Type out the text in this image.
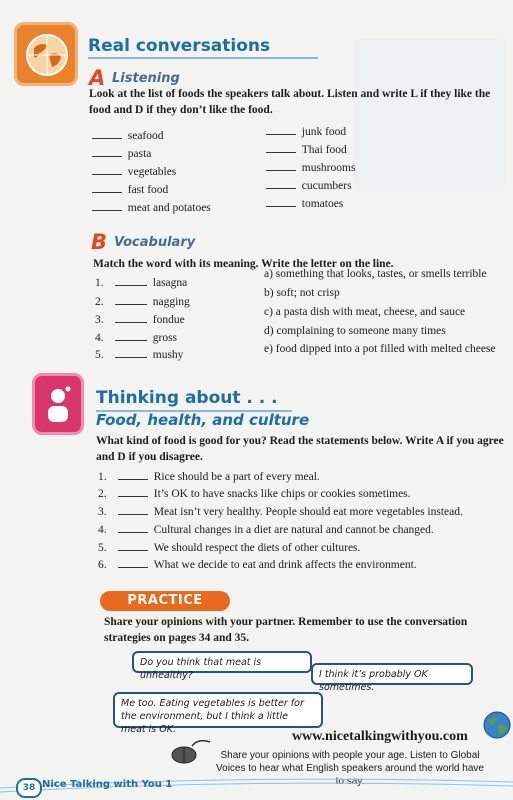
Real conversations
A Listening
Look at the list of foods the speakers talk about. Listen and write L if they like the food and D if they don’t like the food.
seafood
pasta
vegetables
fast food
meat and potatoes
junk food
Thai food
mushrooms
cucumbers
tomatoes
B Vocabulary
Match the word with its meaning. Write the letter on the line.
1.	lasagna
2.	nagging
3.	fondue
4.	gross
5.	mushy
a) something that looks, tastes, or smells terrible
b) soft; not crisp
c) a pasta dish with meat, cheese, and sauce
d) complaining to someone many times
e) food dipped into a pot filled with melted cheese
Thinking about . . .
Food, health, and culture
What kind of food is good for you? Read the statements below. Write A if you agree and D if you disagree.
1.	Rice should be a part of every meal.
2.	It’s OK to have snacks like chips or cookies sometimes.
3.	Meat isn’t very healthy. People should eat more vegetables instead.
4.	Cultural changes in a diet are natural and cannot be changed.
5.	We should respect the diets of other cultures.
6.	What we decide to eat and drink affects the environment.
PRACTICE
Share your opinions with your partner. Remember to use the conversation strategies on pages 34 and 35.
Do you think that meat is unhealthy?	I think it’s probably OK sometimes.
Me too. Eating vegetables is better for the environment, but I think a little meat is OK.	www.nicetalkingwithyou.com
Share your opinions with people your age. Listen to Global Voices to hear what English speakers around the world have to say.
38 Nice Talking with You 1
